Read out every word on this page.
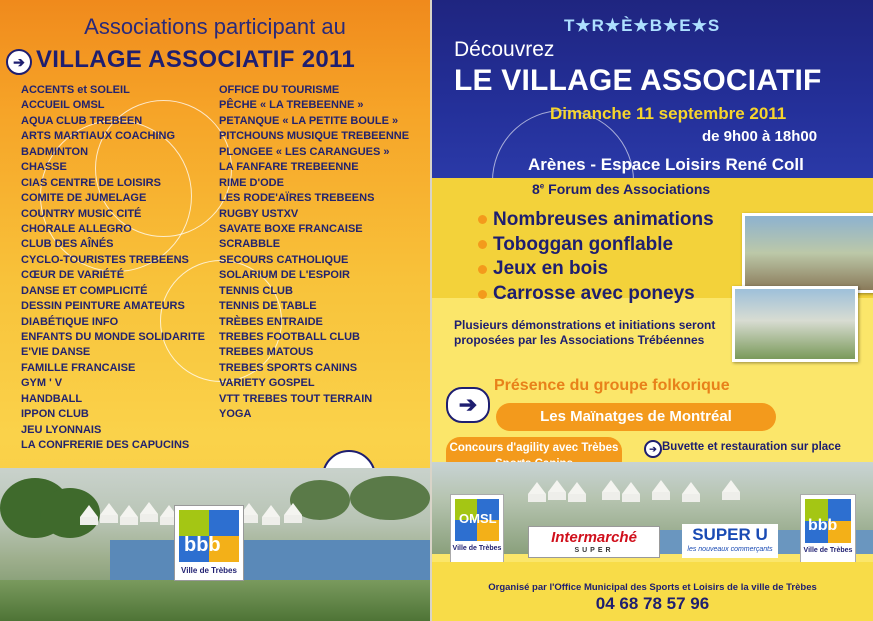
Associations participant au
➔ VILLAGE ASSOCIATIF 2011
ACCENTS et SOLEIL
ACCUEIL OMSL
AQUA CLUB TREBEEN
ARTS MARTIAUX COACHING
BADMINTON
CHASSE
CIAS CENTRE DE LOISIRS
COMITE DE JUMELAGE
COUNTRY MUSIC CITÉ
CHORALE ALLEGRO
CLUB DES AÎNÉS
CYCLO-TOURISTES TREBEENS
CŒUR DE VARIÉTÉ
DANSE ET COMPLICITÉ
DESSIN PEINTURE AMATEURS
DIABÉTIQUE INFO
ENFANTS DU MONDE SOLIDARITE
E'VIE DANSE
FAMILLE FRANCAISE
GYM ' V
HANDBALL
IPPON CLUB
JEU LYONNAIS
LA CONFRERIE DES CAPUCINS
OFFICE DU TOURISME
PÊCHE « LA TREBEENNE »
PETANQUE « LA PETITE BOULE »
PITCHOUNS MUSIQUE TREBEENNE
PLONGEE « LES CARANGUES »
LA FANFARE TREBEENNE
RIME D'ODE
LES RODE'AÏRES TREBEENS
RUGBY USTXV
SAVATE BOXE FRANCAISE
SCRABBLE
SECOURS CATHOLIQUE
SOLARIUM DE L'ESPOIR
TENNIS CLUB
TENNIS DE TABLE
TRÈBES ENTRAIDE
TREBES FOOTBALL CLUB
TREBES MATOUS
TREBES SPORTS CANINS
VARIETY GOSPEL
VTT TREBES TOUT TERRAIN
YOGA
bbb
Ville de Trèbes
T★R★È★B★E★S
Découvrez
LE VILLAGE ASSOCIATIF
Dimanche 11 septembre 2011
de 9h00 à 18h00
Arènes - Espace Loisirs René Coll
8e Forum des Associations
Nombreuses animations
Toboggan gonflable
Jeux en bois
Carrosse avec poneys
Plusieurs démonstrations et initiations seront proposées par les Associations Trébéennes
➔
Présence du groupe folkorique
Les Maïnatges de Montréal
Concours d'agility avec Trèbes	➔ Buvette et restauration sur place
OMSL
Ville de Trèbes
Intermarché
SUPER
SUPER U
les nouveaux commerçants
bbb
Ville de Trèbes
Organisé par l'Office Municipal des Sports et Loisirs de la ville de Trèbes
04 68 78 57 96
